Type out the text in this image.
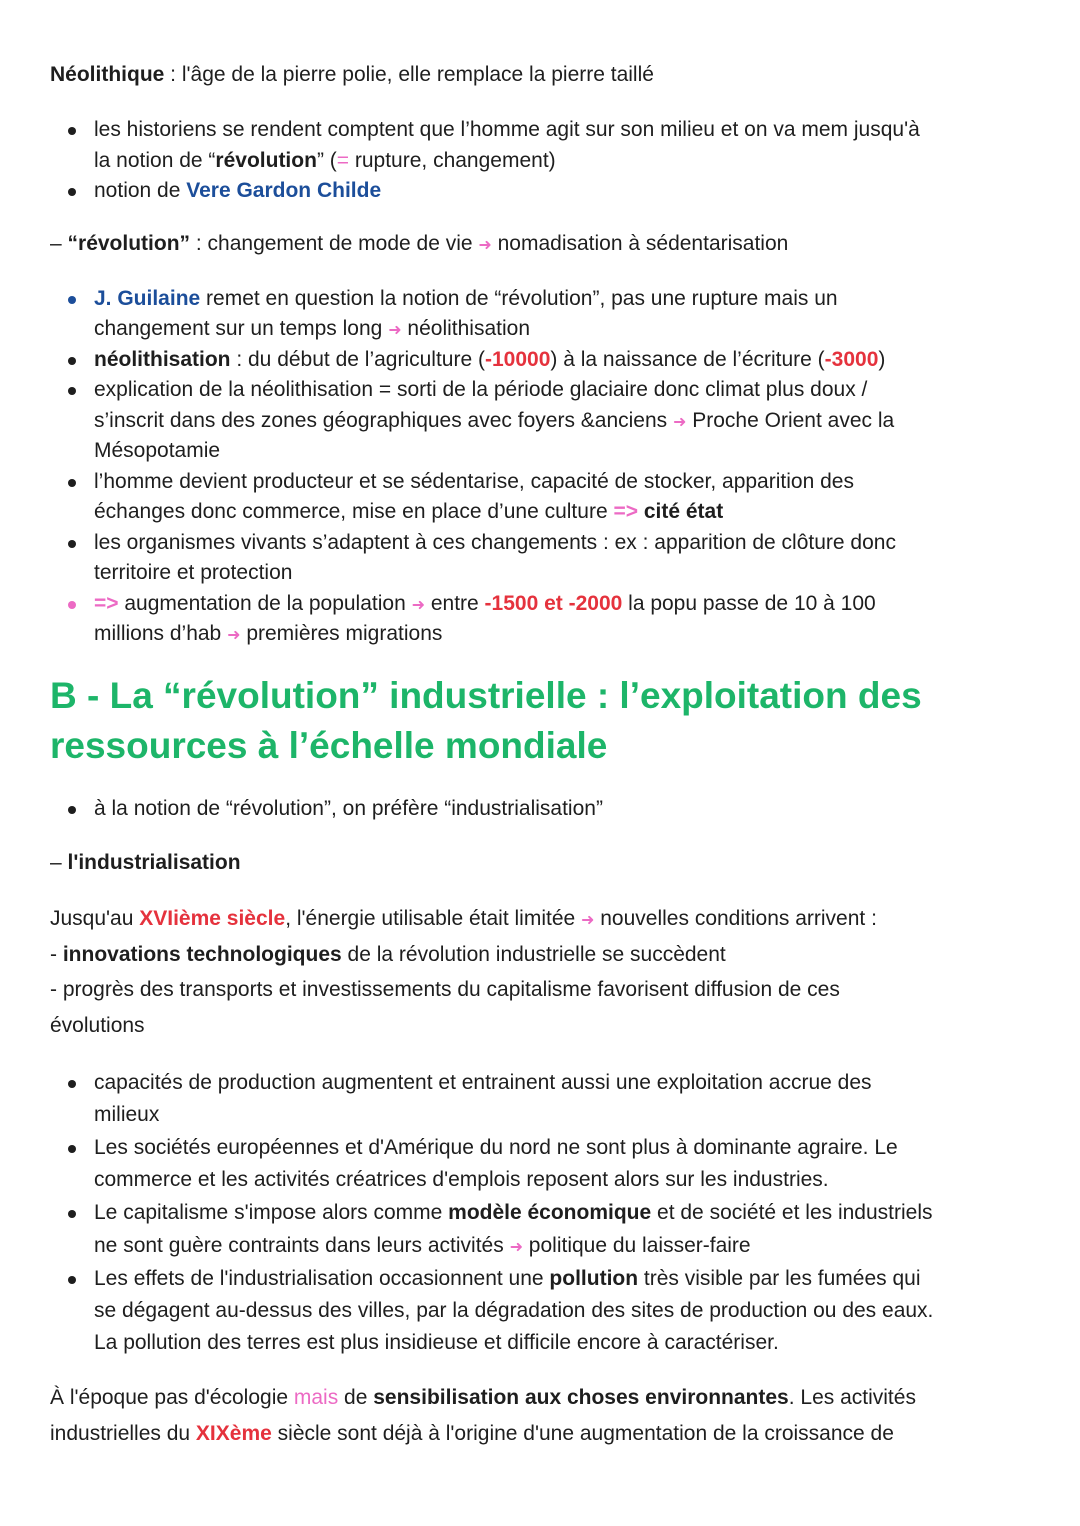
Néolithique : l'âge de la pierre polie, elle remplace la pierre taillé
les historiens se rendent comptent que l’homme agit sur son milieu et on va mem jusqu'à
la notion de “révolution” (= rupture, changement)
notion de Vere Gardon Childe
– “révolution” : changement de mode de vie ➜ nomadisation à sédentarisation
J. Guilaine remet en question la notion de “révolution”, pas une rupture mais un
changement sur un temps long ➜ néolithisation
néolithisation : du début de l’agriculture (-10000) à la naissance de l’écriture (-3000)
explication de la néolithisation = sorti de la période glaciaire donc climat plus doux /
s’inscrit dans des zones géographiques avec foyers &anciens ➜ Proche Orient avec la
Mésopotamie
l’homme devient producteur et se sédentarise, capacité de stocker, apparition des
échanges donc commerce, mise en place d’une culture => cité état
les organismes vivants s’adaptent à ces changements : ex : apparition de clôture donc
territoire et protection
=> augmentation de la population ➜ entre -1500 et -2000 la popu passe de 10 à 100
millions d’hab ➜ premières migrations
B - La “révolution” industrielle : l’exploitation des
ressources à l’échelle mondiale
à la notion de “révolution”, on préfère “industrialisation”
– l'industrialisation
Jusqu'au XVIième siècle, l'énergie utilisable était limitée ➜ nouvelles conditions arrivent :
- innovations technologiques de la révolution industrielle se succèdent
- progrès des transports et investissements du capitalisme favorisent diffusion de ces
évolutions
capacités de production augmentent et entrainent aussi une exploitation accrue des
milieux
Les sociétés européennes et d'Amérique du nord ne sont plus à dominante agraire. Le
commerce et les activités créatrices d'emplois reposent alors sur les industries.
Le capitalisme s'impose alors comme modèle économique et de société et les industriels
ne sont guère contraints dans leurs activités ➜ politique du laisser-faire
Les effets de l'industrialisation occasionnent une pollution très visible par les fumées qui
se dégagent au-dessus des villes, par la dégradation des sites de production ou des eaux.
La pollution des terres est plus insidieuse et difficile encore à caractériser.
À l'époque pas d'écologie mais de sensibilisation aux choses environnantes. Les activités
industrielles du XIXème siècle sont déjà à l'origine d'une augmentation de la croissance de
